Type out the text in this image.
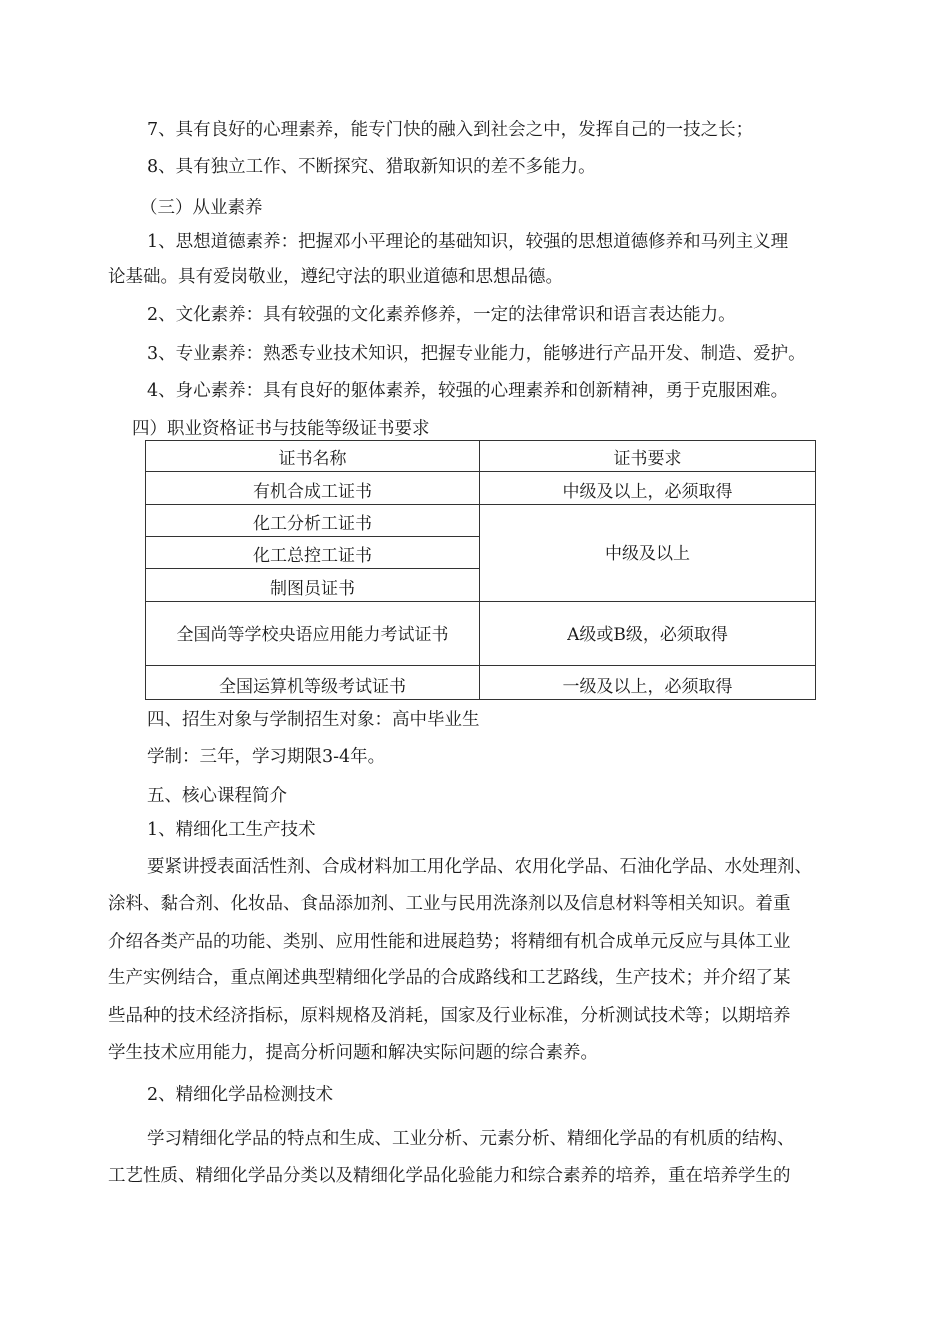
7、具有良好的心理素养，能专门快的融入到社会之中，发挥自己的一技之长；
8、具有独立工作、不断探究、猎取新知识的差不多能力。
（三）从业素养
1、思想道德素养：把握邓小平理论的基础知识，较强的思想道德修养和马列主义理
论基础。具有爱岗敬业，遵纪守法的职业道德和思想品德。
2、文化素养：具有较强的文化素养修养，一定的法律常识和语言表达能力。
3、专业素养：熟悉专业技术知识，把握专业能力，能够进行产品开发、制造、爱护。
4、身心素养：具有良好的躯体素养，较强的心理素养和创新精神，勇于克服困难。
四）职业资格证书与技能等级证书要求
证书名称	证书要求
有机合成工证书	中级及以上，必须取得
化工分析工证书	中级及以上
化工总控工证书	
制图员证书	
全国尚等学校央语应用能力考试证书	A级或B级，必须取得
全国运算机等级考试证书	一级及以上，必须取得
四、招生对象与学制招生对象：高中毕业生
学制：三年，学习期限3-4年。
五、核心课程简介
1、精细化工生产技术
要紧讲授表面活性剂、合成材料加工用化学品、农用化学品、石油化学品、水处理剂、
涂料、黏合剂、化妆品、食品添加剂、工业与民用洗涤剂以及信息材料等相关知识。着重
介绍各类产品的功能、类别、应用性能和进展趋势；将精细有机合成单元反应与具体工业
生产实例结合，重点阐述典型精细化学品的合成路线和工艺路线，生产技术；并介绍了某
些品种的技术经济指标，原料规格及消耗，国家及行业标准，分析测试技术等；以期培养
学生技术应用能力，提高分析问题和解决实际问题的综合素养。
2、精细化学品检测技术
学习精细化学品的特点和生成、工业分析、元素分析、精细化学品的有机质的结构、
工艺性质、精细化学品分类以及精细化学品化验能力和综合素养的培养，重在培养学生的
